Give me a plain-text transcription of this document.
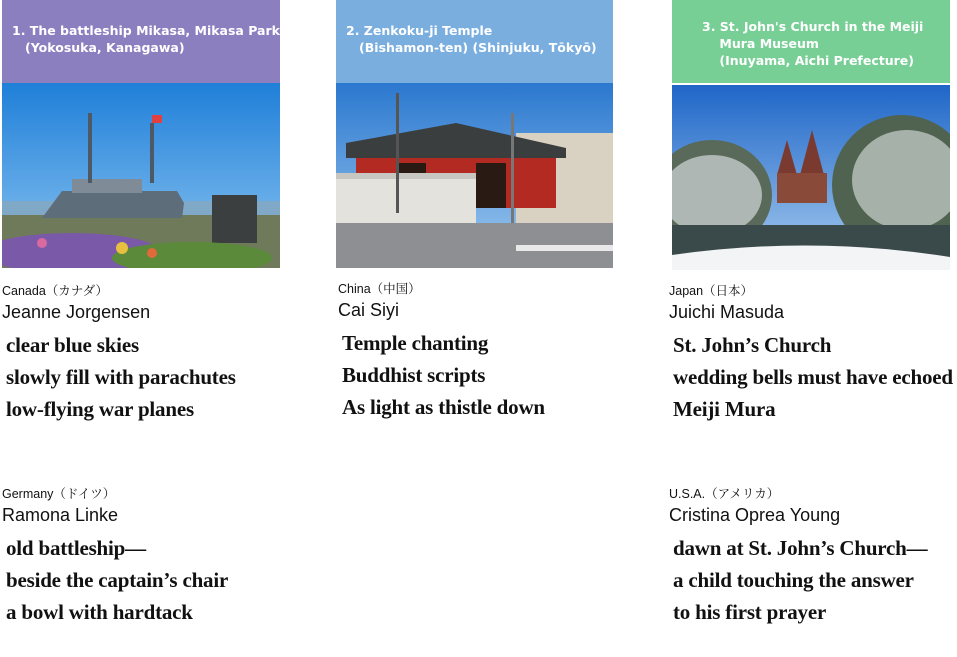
1. The battleship Mikasa, Mikasa Park
(Yokosuka, Kanagawa)
2. Zenkoku-ji Temple
(Bishamon-ten) (Shinjuku, Tōkyō)
3. St. John's Church in the Meiji
Mura Museum
(Inuyama, Aichi Prefecture)
Canada（カナダ）
Jeanne Jorgensen
clear blue skies
slowly fill with parachutes
low-flying war planes
China（中国）
Cai Siyi
Temple chanting
Buddhist scripts
As light as thistle down
Japan（日本）
Juichi Masuda
St. John’s Church
wedding bells must have echoed
Meiji Mura
Germany（ドイツ）
Ramona Linke
old battleship—
beside the captain’s chair
a bowl with hardtack
U.S.A.（アメリカ）
Cristina Oprea Young
dawn at St. John’s Church—
a child touching the answer
to his first prayer
